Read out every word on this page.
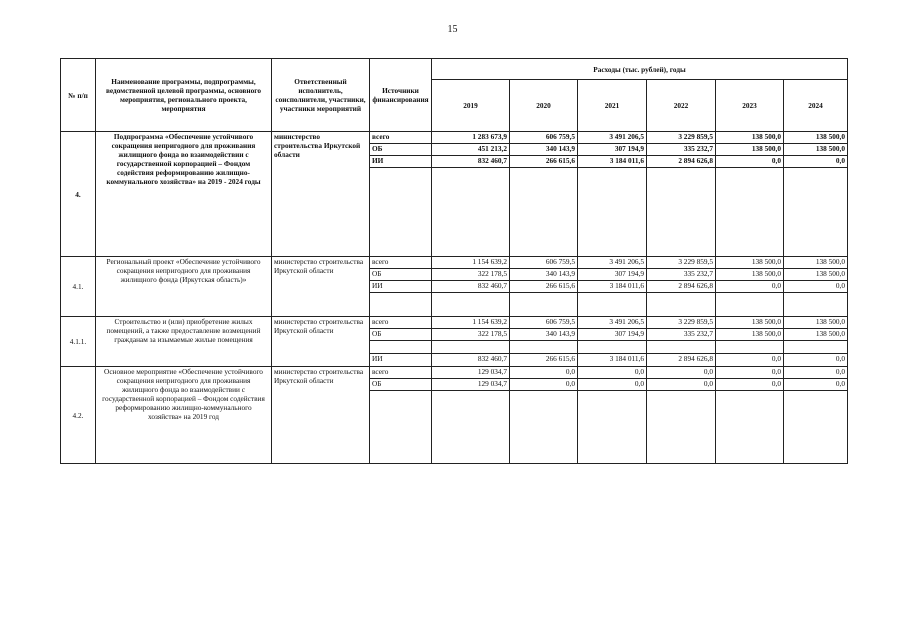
15
№ п/п	Наименование программы, подпрограммы, ведомственной целевой программы, основного мероприятия, регионального проекта, мероприятия	Ответственный исполнитель, соисполнители, участники, участники мероприятий	Источники финансирования	Расходы (тыс. рублей), годы					
				2019	2020	2021	2022	2023	2024
4.	Подпрограмма «Обеспечение устойчивого сокращения непригодного для проживания жилищного фонда во взаимодействии с государственной корпорацией – Фондом содействия реформированию жилищно-коммунального хозяйства» на 2019 - 2024 годы	министерство строительства Иркутской области	всего	1 283 673,9	606 759,5	3 491 206,5	3 229 859,5	138 500,0	138 500,0
			ОБ	451 213,2	340 143,9	307 194,9	335 232,7	138 500,0	138 500,0
			ИИ	832 460,7	266 615,6	3 184 011,6	2 894 626,8	0,0	0,0

4.1.	Региональный проект «Обеспечение устойчивого сокращения непригодного для проживания жилищного фонда (Иркутская область)»	министерство строительства Иркутской области	всего	1 154 639,2	606 759,5	3 491 206,5	3 229 859,5	138 500,0	138 500,0
			ОБ	322 178,5	340 143,9	307 194,9	335 232,7	138 500,0	138 500,0
			ИИ	832 460,7	266 615,6	3 184 011,6	2 894 626,8	0,0	0,0

4.1.1.	Строительство и (или) приобретение жилых помещений, а также предоставление возмещений гражданам за изымаемые жилые помещения	министерство строительства Иркутской области	всего	1 154 639,2	606 759,5	3 491 206,5	3 229 859,5	138 500,0	138 500,0
			ОБ	322 178,5	340 143,9	307 194,9	335 232,7	138 500,0	138 500,0

			ИИ	832 460,7	266 615,6	3 184 011,6	2 894 626,8	0,0	0,0
4.2.	Основное мероприятие «Обеспечение устойчивого сокращения непригодного для проживания жилищного фонда во взаимодействии с государственной корпорацией – Фондом содействия реформированию жилищно-коммунального хозяйства» на 2019 год	министерство строительства Иркутской области	всего	129 034,7	0,0	0,0	0,0	0,0	0,0
			ОБ	129 034,7	0,0	0,0	0,0	0,0	0,0
